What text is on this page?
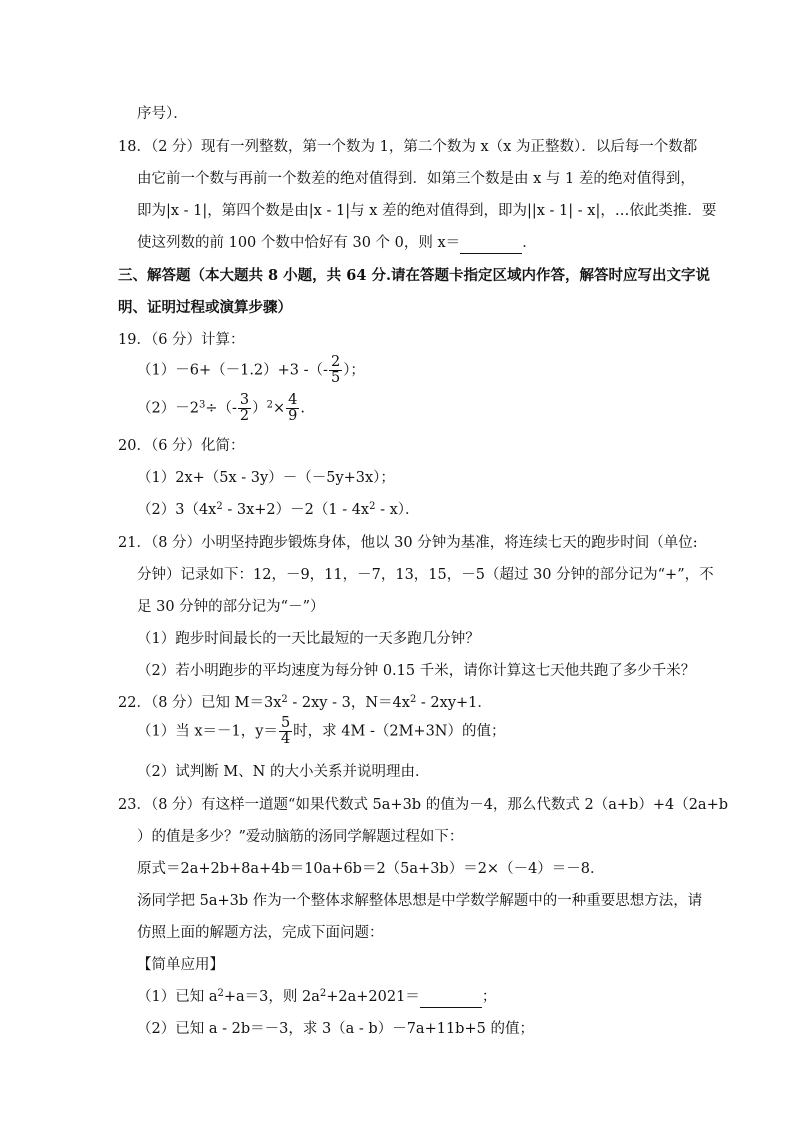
序号）．
18．（2 分）现有一列整数，第一个数为 1，第二个数为 x（x 为正整数）．以后每一个数都
由它前一个数与再前一个数差的绝对值得到．如第三个数是由 x 与 1 差的绝对值得到，
即为|x - 1|，第四个数是由|x - 1|与 x 差的绝对值得到，即为||x - 1| - x|，…依此类推．要
使这列数的前 100 个数中恰好有 30 个 0，则 x＝	．
三、解答题（本大题共 8 小题，共 64 分.请在答题卡指定区域内作答，解答时应写出文字说
明、证明过程或演算步骤）
19．（6 分）计算：
（1）－6+（－1.2）+3 -（- $\frac{2}{5}$ ）；
$(2)-2^3\div(- \frac{3}{2} )^2\times \frac{4}{9}$ .
20．（6 分）化简：
（1）2x+（5x - 3y）－（－5y+3x）；
$(2)3(4x^2 - 3x+2)-2(1 - 4x^2 - x)$．
21．（8 分）小明坚持跑步锻炼身体，他以 30 分钟为基准，将连续七天的跑步时间（单位:
分钟）记录如下：12，－9，11，－7，13，15，－5（超过 30 分钟的部分记为“+”，不
足 30 分钟的部分记为“－”）
（1）跑步时间最长的一天比最短的一天多跑几分钟？
（2）若小明跑步的平均速度为每分钟 0.15 千米，请你计算这七天他共跑了多少千米？
22．（8 分）已知 $M=3x^2 - 2xy - 3$，$N=4x^2 - 2xy+1$．
（1）当 x＝－1，$y= \frac{5}{4}$ 时，求 4M -（2M+3N）的值；
（2）试判断 M、N 的大小关系并说明理由．
23．（8 分）有这样一道题“如果代数式 5a+3b 的值为－4，那么代数式 2（a+b）+4（2a+b
）的值是多少？”爱动脑筋的汤同学解题过程如下：
原式＝2a+2b+8a+4b＝10a+6b＝2（5a+3b）＝2×（－4）＝－8．
汤同学把 5a+3b 作为一个整体求解整体思想是中学数学解题中的一种重要思想方法，请
仿照上面的解题方法，完成下面问题：
【简单应用】
（1）已知 $a^2+a=3$，则 $2a^2+2a+2021=$	；
（2）已知 a - 2b＝－3，求 3（a - b）－7a+11b+5 的值；
